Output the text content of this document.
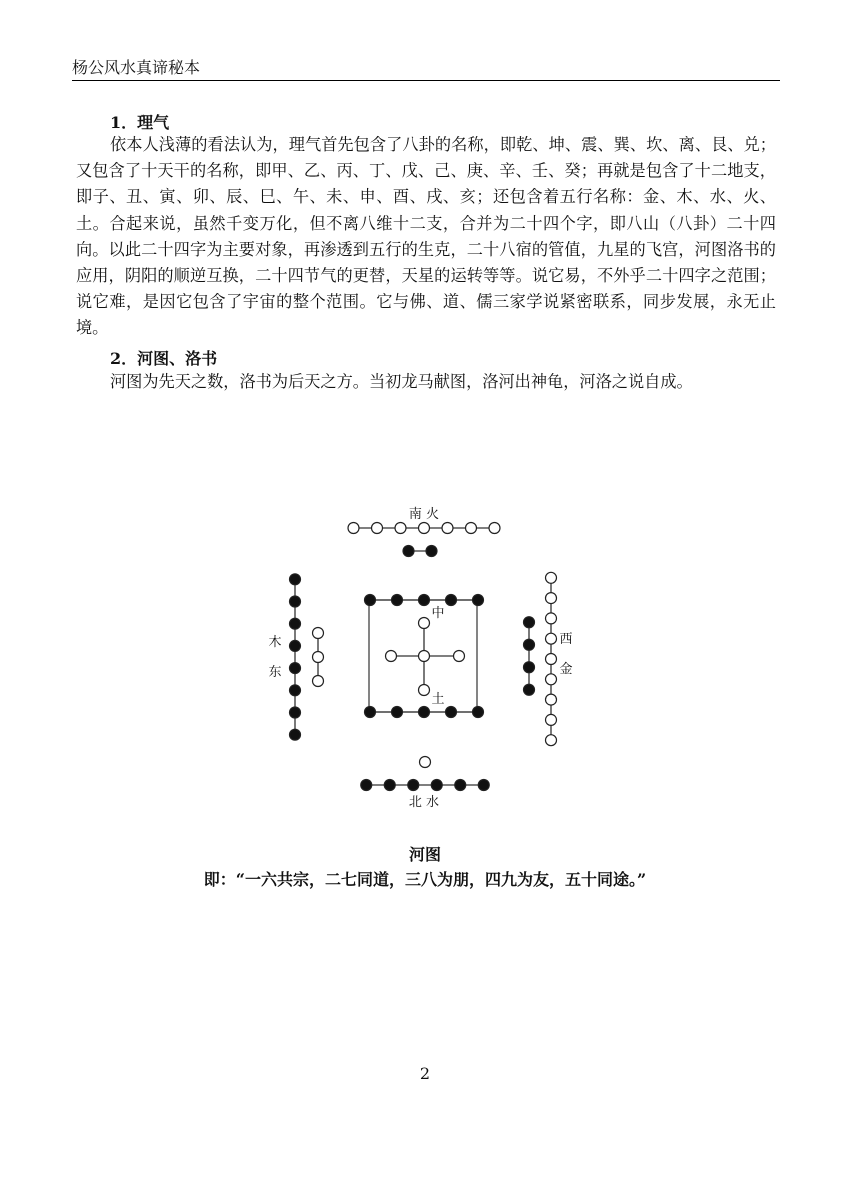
杨公风水真谛秘本
1．理气

依本人浅薄的看法认为，理气首先包含了八卦的名称，即乾、坤、震、巽、坎、离、艮、兑；又包含了十天干的名称，即甲、乙、丙、丁、戊、己、庚、辛、壬、癸；再就是包含了十二地支，即子、丑、寅、卯、辰、巳、午、未、申、酉、戌、亥；还包含着五行名称：金、木、水、火、土。合起来说，虽然千变万化，但不离八维十二支，合并为二十四个字，即八山（八卦）二十四向。以此二十四字为主要对象，再渗透到五行的生克，二十八宿的管值，九星的飞宫，河图洛书的应用，阴阳的顺逆互换，二十四节气的更替，天星的运转等等。说它易，不外乎二十四字之范围；说它难，是因它包含了宇宙的整个范围。它与佛、道、儒三家学说紧密联系，同步发展，永无止境。

2．河图、洛书

河图为先天之数，洛书为后天之方。当初龙马献图，洛河出神龟，河洛之说自成。

南 火
北 水
木
东
西
金
中
土
河图
即：“一六共宗，二七同道，三八为朋，四九为友，五十同途。”
2
